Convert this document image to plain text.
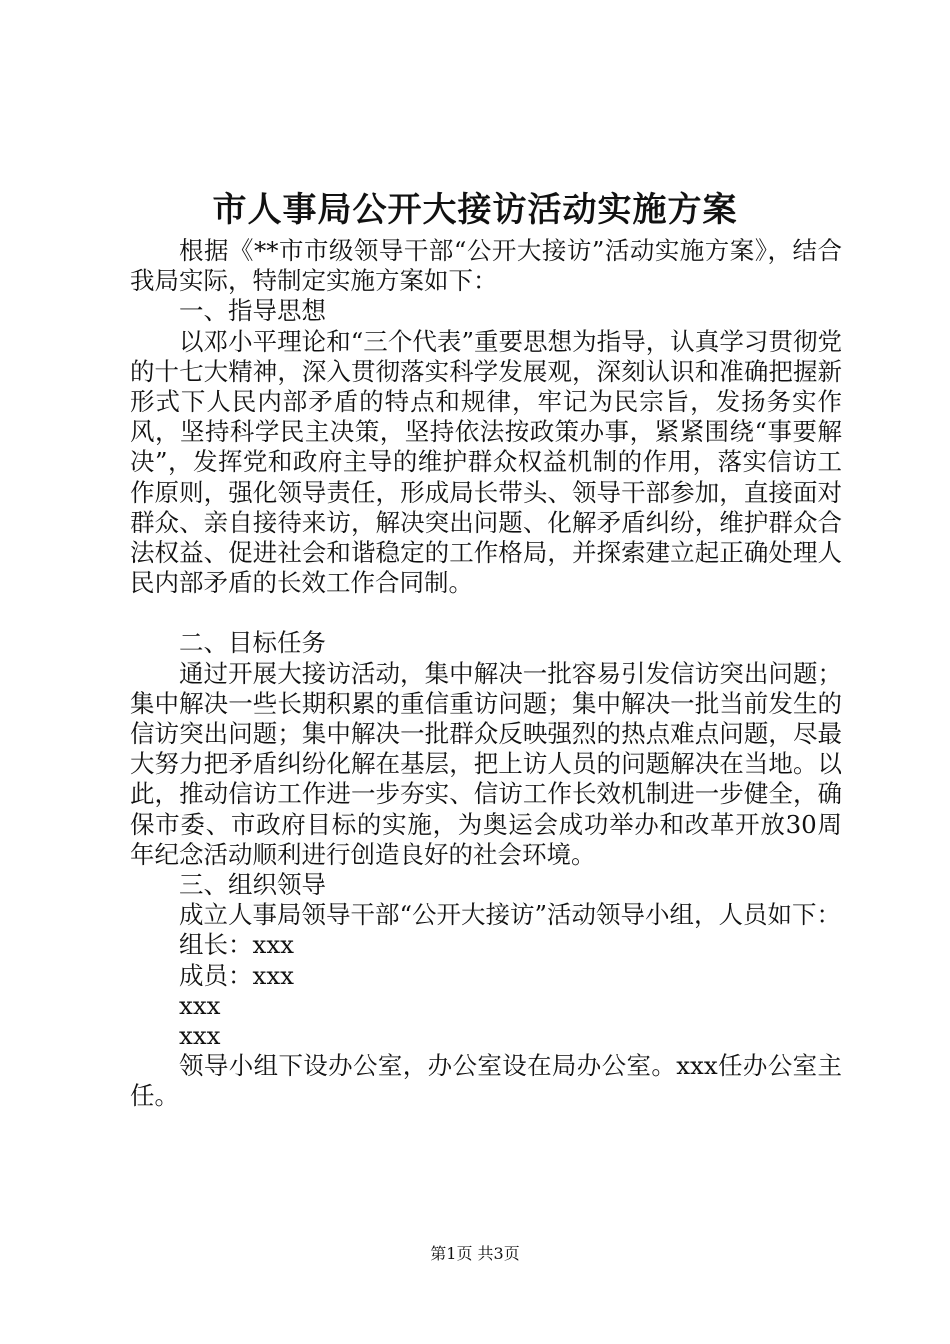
市人事局公开大接访活动实施方案

根据《**市市级领导干部“公开大接访”活动实施方案》，结合我局实际，特制定实施方案如下：

一、指导思想

以邓小平理论和“三个代表”重要思想为指导，认真学习贯彻党的十七大精神，深入贯彻落实科学发展观，深刻认识和准确把握新形式下人民内部矛盾的特点和规律，牢记为民宗旨，发扬务实作风，坚持科学民主决策，坚持依法按政策办事，紧紧围绕“事要解决”，发挥党和政府主导的维护群众权益机制的作用，落实信访工作原则，强化领导责任，形成局长带头、领导干部参加，直接面对群众、亲自接待来访，解决突出问题、化解矛盾纠纷，维护群众合法权益、促进社会和谐稳定的工作格局，并探索建立起正确处理人民内部矛盾的长效工作合同制。

二、目标任务

通过开展大接访活动，集中解决一批容易引发信访突出问题；集中解决一些长期积累的重信重访问题；集中解决一批当前发生的信访突出问题；集中解决一批群众反映强烈的热点难点问题，尽最大努力把矛盾纠纷化解在基层，把上访人员的问题解决在当地。以此，推动信访工作进一步夯实、信访工作长效机制进一步健全，确保市委、市政府目标的实施，为奥运会成功举办和改革开放30周年纪念活动顺利进行创造良好的社会环境。

三、组织领导

成立人事局领导干部“公开大接访”活动领导小组，人员如下：

组长：xxx

成员：xxx

xxx

xxx

领导小组下设办公室，办公室设在局办公室。xxx任办公室主任。

第1页 共3页
